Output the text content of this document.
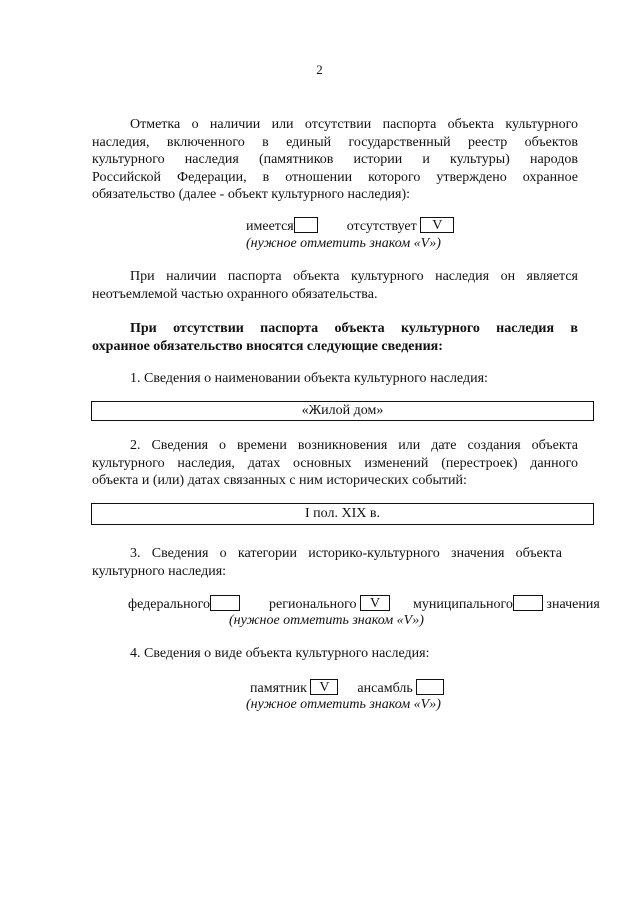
2
Отметка о наличии или отсутствии паспорта объекта культурного
наследия, включенного в единый государственный реестр объектов
культурного наследия (памятников истории и культуры) народов
Российской Федерации, в отношении которого утверждено охранное
обязательство (далее - объект культурного наследия):
имеется	отсутствует V
(нужное отметить знаком «V»)
При наличии паспорта объекта культурного наследия он является
неотъемлемой частью охранного обязательства.
При отсутствии паспорта объекта культурного наследия в
охранное обязательство вносятся следующие сведения:
1. Сведения о наименовании объекта культурного наследия:
«Жилой дом»
2. Сведения о времени возникновения или дате создания объекта
культурного наследия, датах основных изменений (перестроек) данного
объекта и (или) датах связанных с ним исторических событий:
I пол. XIX в.
3. Сведения о категории историко-культурного значения объекта
культурного наследия:
федерального	регионального V	муниципального значения
(нужное отметить знаком «V»)
4. Сведения о виде объекта культурного наследия:
памятник V ансамбль
(нужное отметить знаком «V»)
